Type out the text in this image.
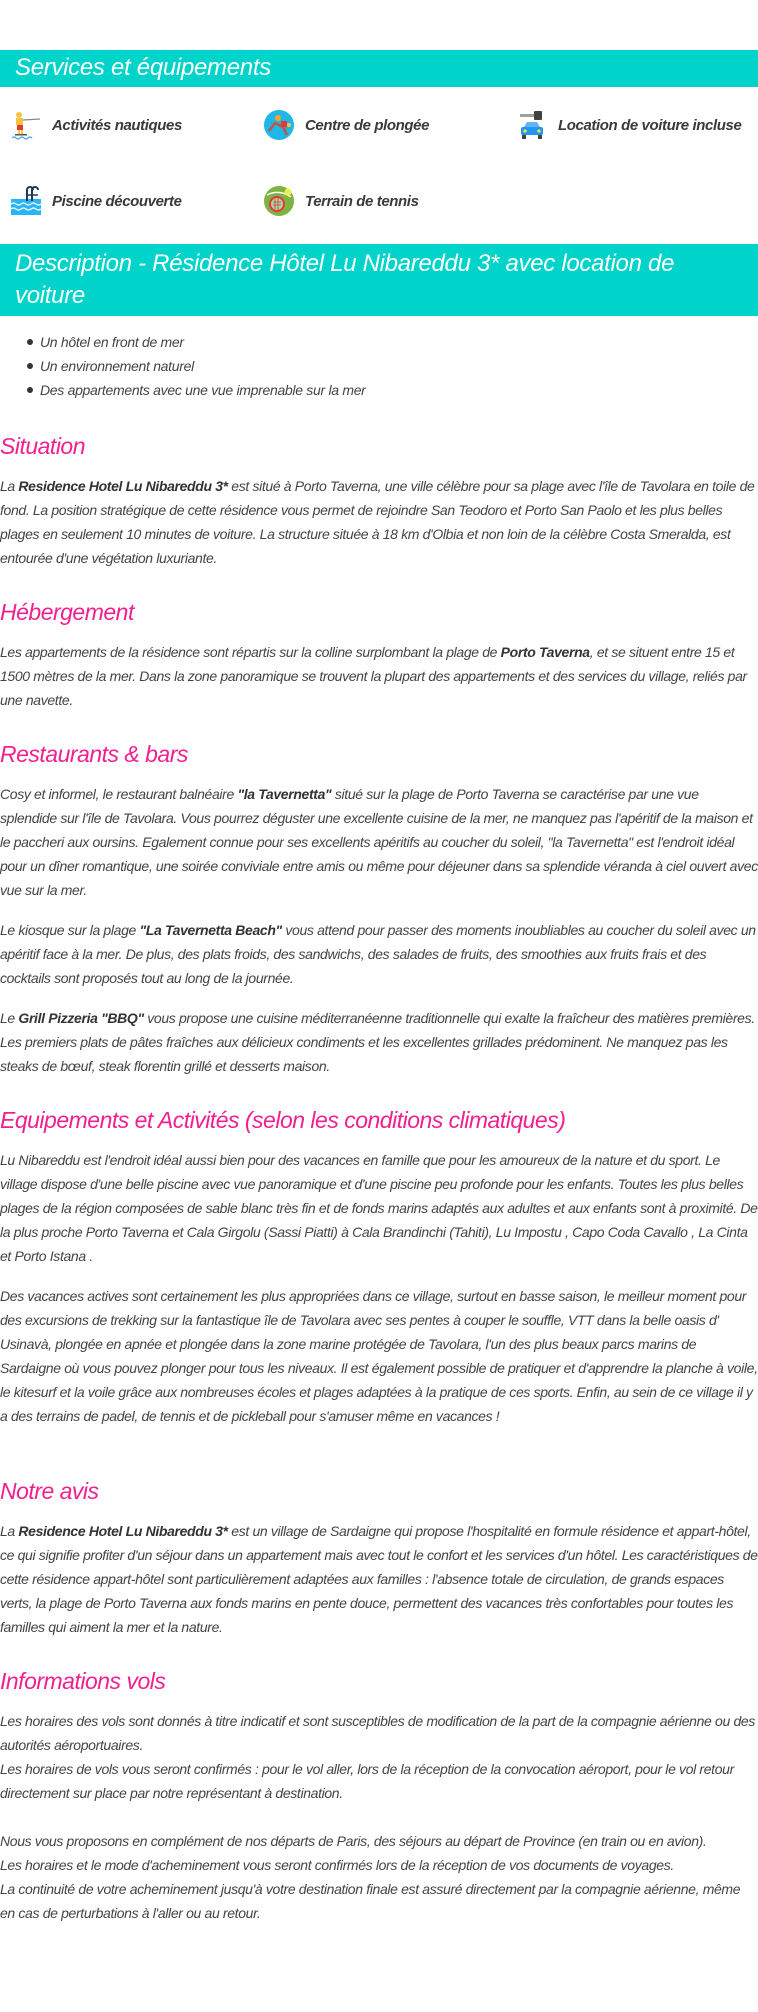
Services et équipements
Activités nautiques	Centre de plongée	Location de voiture incluse
Piscine découverte	Terrain de tennis
Description - Résidence Hôtel Lu Nibareddu 3* avec location de voiture
Un hôtel en front de mer
Un environnement naturel
Des appartements avec une vue imprenable sur la mer
Situation

La Residence Hotel Lu Nibareddu 3* est situé à Porto Taverna, une ville célèbre pour sa plage avec l'île de Tavolara en toile de fond. La position stratégique de cette résidence vous permet de rejoindre San Teodoro et Porto San Paolo et les plus belles plages en seulement 10 minutes de voiture. La structure située à 18 km d'Olbia et non loin de la célèbre Costa Smeralda, est entourée d'une végétation luxuriante.

Hébergement

Les appartements de la résidence sont répartis sur la colline surplombant la plage de Porto Taverna, et se situent entre 15 et 1500 mètres de la mer. Dans la zone panoramique se trouvent la plupart des appartements et des services du village, reliés par une navette.

Restaurants & bars

Cosy et informel, le restaurant balnéaire "la Tavernetta" situé sur la plage de Porto Taverna se caractérise par une vue splendide sur l'île de Tavolara. Vous pourrez déguster une excellente cuisine de la mer, ne manquez pas l'apéritif de la maison et le paccheri aux oursins. Egalement connue pour ses excellents apéritifs au coucher du soleil, "la Tavernetta" est l'endroit idéal pour un dîner romantique, une soirée conviviale entre amis ou même pour déjeuner dans sa splendide véranda à ciel ouvert avec vue sur la mer.

Le kiosque sur la plage "La Tavernetta Beach" vous attend pour passer des moments inoubliables au coucher du soleil avec un apéritif face à la mer. De plus, des plats froids, des sandwichs, des salades de fruits, des smoothies aux fruits frais et des cocktails sont proposés tout au long de la journée.

Le Grill Pizzeria "BBQ" vous propose une cuisine méditerranéenne traditionnelle qui exalte la fraîcheur des matières premières. Les premiers plats de pâtes fraîches aux délicieux condiments et les excellentes grillades prédominent. Ne manquez pas les steaks de bœuf, steak florentin grillé et desserts maison.

Equipements et Activités (selon les conditions climatiques)

Lu Nibareddu est l'endroit idéal aussi bien pour des vacances en famille que pour les amoureux de la nature et du sport. Le village dispose d'une belle piscine avec vue panoramique et d'une piscine peu profonde pour les enfants. Toutes les plus belles plages de la région composées de sable blanc très fin et de fonds marins adaptés aux adultes et aux enfants sont à proximité. De la plus proche Porto Taverna et Cala Girgolu (Sassi Piatti) à Cala Brandinchi (Tahiti), Lu Impostu , Capo Coda Cavallo , La Cinta et Porto Istana .

Des vacances actives sont certainement les plus appropriées dans ce village, surtout en basse saison, le meilleur moment pour des excursions de trekking sur la fantastique île de Tavolara avec ses pentes à couper le souffle, VTT dans la belle oasis d' Usinavà, plongée en apnée et plongée dans la zone marine protégée de Tavolara, l'un des plus beaux parcs marins de Sardaigne où vous pouvez plonger pour tous les niveaux. Il est également possible de pratiquer et d'apprendre la planche à voile, le kitesurf et la voile grâce aux nombreuses écoles et plages adaptées à la pratique de ces sports. Enfin, au sein de ce village il y a des terrains de padel, de tennis et de pickleball pour s'amuser même en vacances !

Notre avis

La Residence Hotel Lu Nibareddu 3* est un village de Sardaigne qui propose l'hospitalité en formule résidence et appart-hôtel, ce qui signifie profiter d'un séjour dans un appartement mais avec tout le confort et les services d'un hôtel. Les caractéristiques de cette résidence appart-hôtel sont particulièrement adaptées aux familles : l'absence totale de circulation, de grands espaces verts, la plage de Porto Taverna aux fonds marins en pente douce, permettent des vacances très confortables pour toutes les familles qui aiment la mer et la nature.

Informations vols

Les horaires des vols sont donnés à titre indicatif et sont susceptibles de modification de la part de la compagnie aérienne ou des autorités aéroportuaires.

Les horaires de vols vous seront confirmés : pour le vol aller, lors de la réception de la convocation aéroport, pour le vol retour directement sur place par notre représentant à destination.

Nous vous proposons en complément de nos départs de Paris, des séjours au départ de Province (en train ou en avion).

Les horaires et le mode d'acheminement vous seront confirmés lors de la réception de vos documents de voyages.

La continuité de votre acheminement jusqu'à votre destination finale est assuré directement par la compagnie aérienne, même en cas de perturbations à l'aller ou au retour.
